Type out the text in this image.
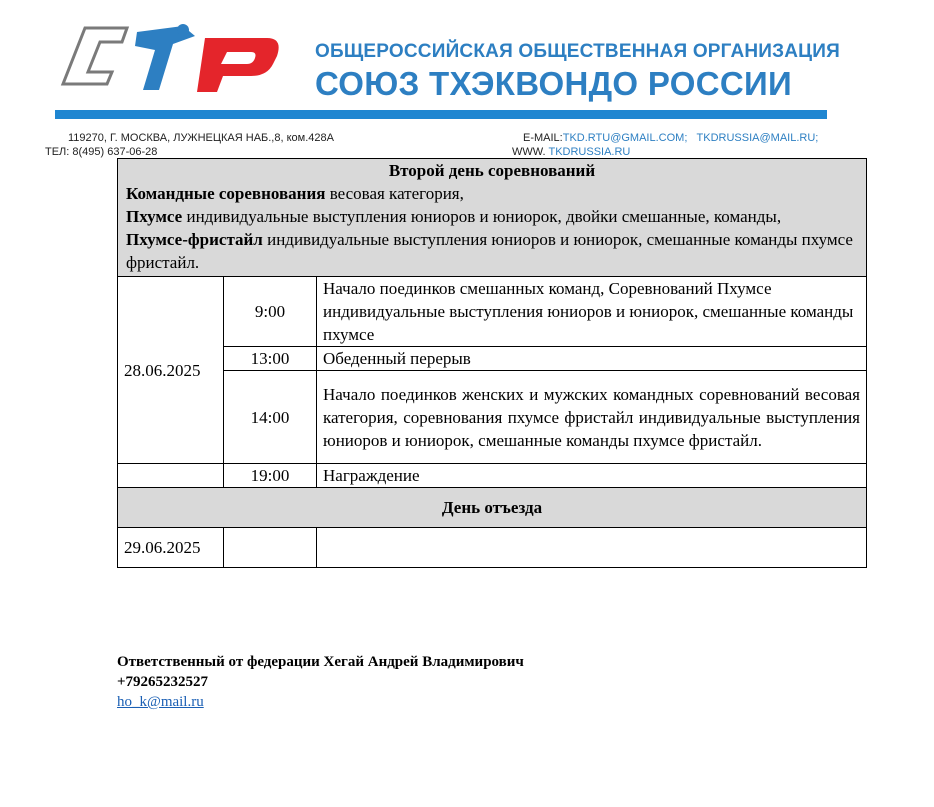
ОБЩЕРОССИЙСКАЯ ОБЩЕСТВЕННАЯ ОРГАНИЗАЦИЯ
СОЮЗ ТХЭКВОНДО РОССИИ
119270, Г. МОСКВА, ЛУЖНЕЦКАЯ НАБ.,8, ком.428А
ТЕЛ: 8(495) 637-06-28
E-MAIL:TKD.RTU@GMAIL.COM; TKDRUSSIA@MAIL.RU;
WWW. TKDRUSSIA.RU
Второй день соревнований
Командные соревнования весовая категория,
Пхумсе индивидуальные выступления юниоров и юниорок, двойки смешанные, команды,
Пхумсе-фристайл индивидуальные выступления юниоров и юниорок, смешанные команды пхумсе фристайл.		

28.06.2025	9:00	Начало поединков смешанных команд, Соревнований Пхумсе индивидуальные выступления юниоров и юниорок, смешанные команды пхумсе
	13:00	Обеденный перерыв
	14:00	Начало поединков женских и мужских командных соревнований весовая категория, соревнования пхумсе фристайл индивидуальные выступления юниоров и юниорок, смешанные команды пхумсе фристайл.
	19:00	Награждение
День отъезда		
29.06.2025		
Ответственный от федерации Хегай Андрей Владимирович
+79265232527
ho_k@mail.ru
